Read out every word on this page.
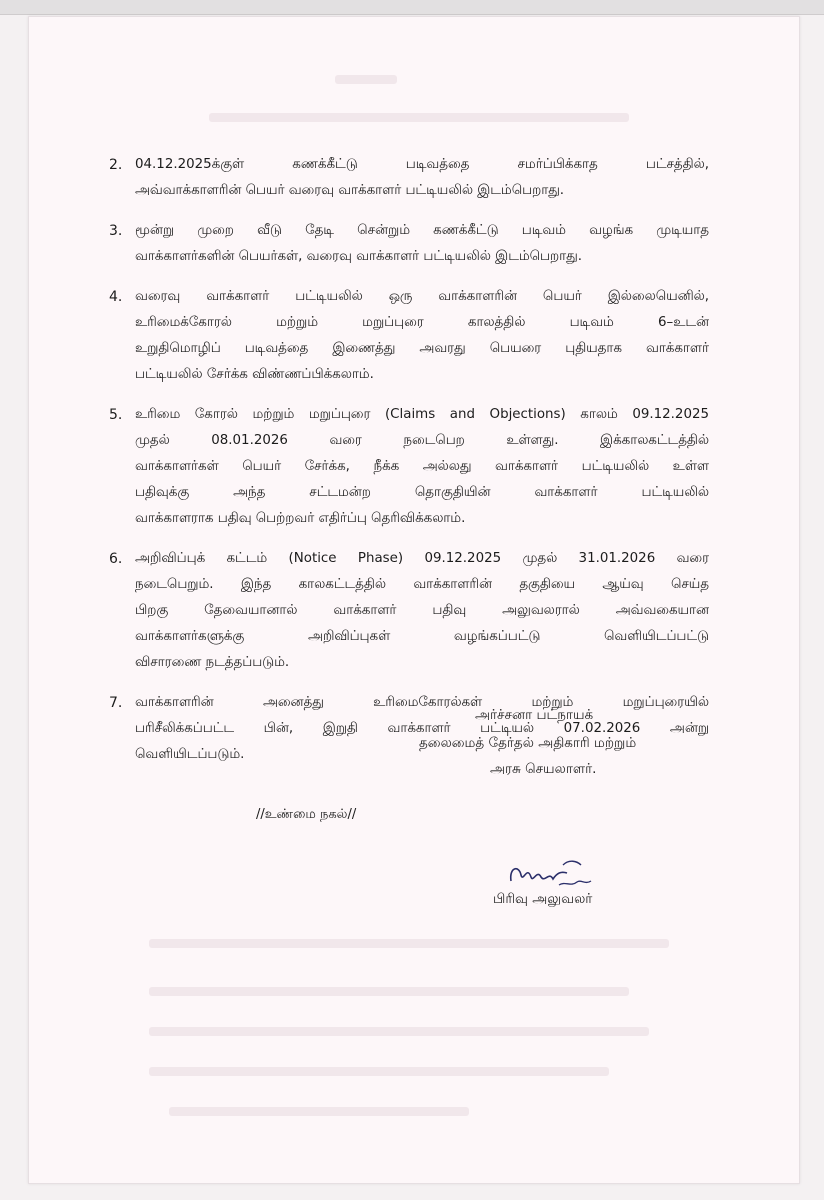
2. 04.12.2025க்குள் கணக்கீட்டு படிவத்தை சமர்ப்பிக்காத பட்சத்தில்,
அவ்வாக்காளரின் பெயர் வரைவு வாக்காளர் பட்டியலில் இடம்பெறாது.
3. மூன்று முறை வீடு தேடி சென்றும் கணக்கீட்டு படிவம் வழங்க முடியாத
வாக்காளர்களின் பெயர்கள், வரைவு வாக்காளர் பட்டியலில் இடம்பெறாது.
4. வரைவு வாக்காளர் பட்டியலில் ஒரு வாக்காளரின் பெயர் இல்லையெனில்,
உரிமைக்கோரல் மற்றும் மறுப்புரை காலத்தில் படிவம் 6–உடன்
உறுதிமொழிப் படிவத்தை இணைத்து அவரது பெயரை புதியதாக வாக்காளர்
பட்டியலில் சேர்க்க விண்ணப்பிக்கலாம்.
5. உரிமை கோரல் மற்றும் மறுப்புரை (Claims and Objections) காலம் 09.12.2025
முதல் 08.01.2026 வரை நடைபெற உள்ளது. இக்காலகட்டத்தில்
வாக்காளர்கள் பெயர் சேர்க்க, நீக்க அல்லது வாக்காளர் பட்டியலில் உள்ள
பதிவுக்கு அந்த சட்டமன்ற தொகுதியின் வாக்காளர் பட்டியலில்
வாக்காளராக பதிவு பெற்றவர் எதிர்ப்பு தெரிவிக்கலாம்.
6. அறிவிப்புக் கட்டம் (Notice Phase) 09.12.2025 முதல் 31.01.2026 வரை
நடைபெறும். இந்த காலகட்டத்தில் வாக்காளரின் தகுதியை ஆய்வு செய்த
பிறகு தேவையானால் வாக்காளர் பதிவு அலுவலரால் அவ்வகையான
வாக்காளர்களுக்கு அறிவிப்புகள் வழங்கப்பட்டு வெளியிடப்பட்டு
விசாரணை நடத்தப்படும்.
7. வாக்காளரின் அனைத்து உரிமைகோரல்கள் மற்றும் மறுப்புரையில்
பரிசீலிக்கப்பட்ட பின், இறுதி வாக்காளர் பட்டியல் 07.02.2026 அன்று
வெளியிடப்படும்.
அர்ச்சனா பட்நாயக்
தலைமைத் தேர்தல் அதிகாரி மற்றும்
அரசு செயலாளர்.
//உண்மை நகல்//
பிரிவு அலுவலர்
